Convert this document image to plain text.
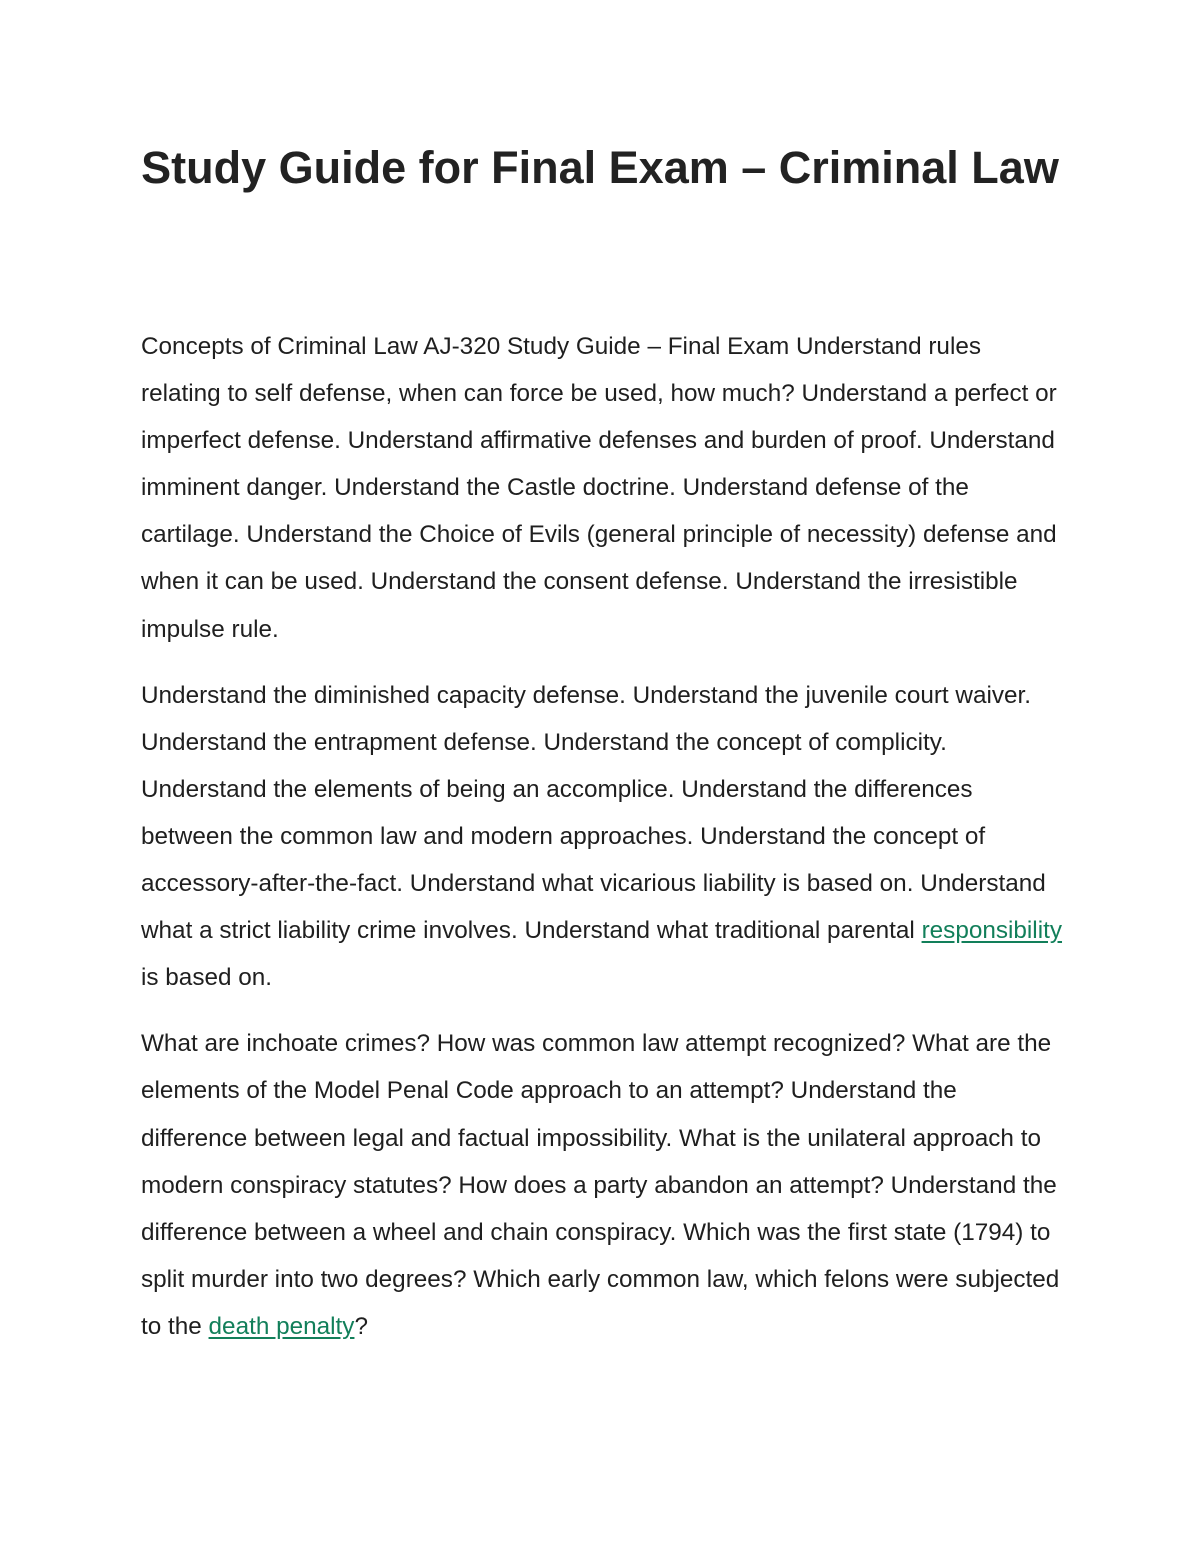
Study Guide for Final Exam – Criminal Law

Concepts of Criminal Law AJ-320 Study Guide – Final Exam Understand rules relating to self defense, when can force be used, how much? Understand a perfect or imperfect defense. Understand affirmative defenses and burden of proof. Understand imminent danger. Understand the Castle doctrine. Understand defense of the cartilage. Understand the Choice of Evils (general principle of necessity) defense and when it can be used. Understand the consent defense. Understand the irresistible impulse rule.

Understand the diminished capacity defense. Understand the juvenile court waiver. Understand the entrapment defense. Understand the concept of complicity. Understand the elements of being an accomplice. Understand the differences between the common law and modern approaches. Understand the concept of accessory-after-the-fact. Understand what vicarious liability is based on. Understand what a strict liability crime involves. Understand what traditional parental responsibility is based on.

What are inchoate crimes? How was common law attempt recognized? What are the elements of the Model Penal Code approach to an attempt? Understand the difference between legal and factual impossibility. What is the unilateral approach to modern conspiracy statutes? How does a party abandon an attempt? Understand the difference between a wheel and chain conspiracy. Which was the first state (1794) to split murder into two degrees? Which early common law, which felons were subjected to the death penalty?
